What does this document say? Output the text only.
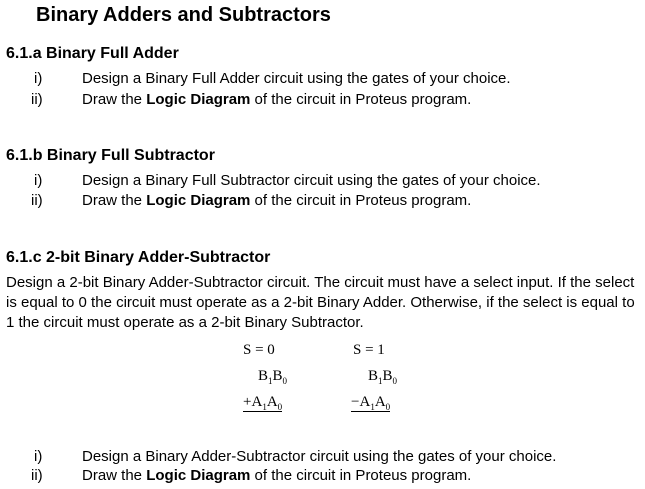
Binary Adders and Subtractors
6.1.a Binary Full Adder
i)	Design a Binary Full Adder circuit using the gates of your choice.
ii)	Draw the Logic Diagram of the circuit in Proteus program.
6.1.b Binary Full Subtractor
i)	Design a Binary Full Subtractor circuit using the gates of your choice.
ii)	Draw the Logic Diagram of the circuit in Proteus program.
6.1.c 2-bit Binary Adder-Subtractor
Design a 2-bit Binary Adder-Subtractor circuit. The circuit must have a select input. If the select is equal to 0 the circuit must operate as a 2-bit Binary Adder. Otherwise, if the select is equal to 1 the circuit must operate as a 2-bit Binary Subtractor.
S = 0
$B_1B_0$
$+A_1A_0$
S = 1
$B_1B_0$
$-A_1A_0$
i)	Design a Binary Adder-Subtractor circuit using the gates of your choice.
ii)	Draw the Logic Diagram of the circuit in Proteus program.
